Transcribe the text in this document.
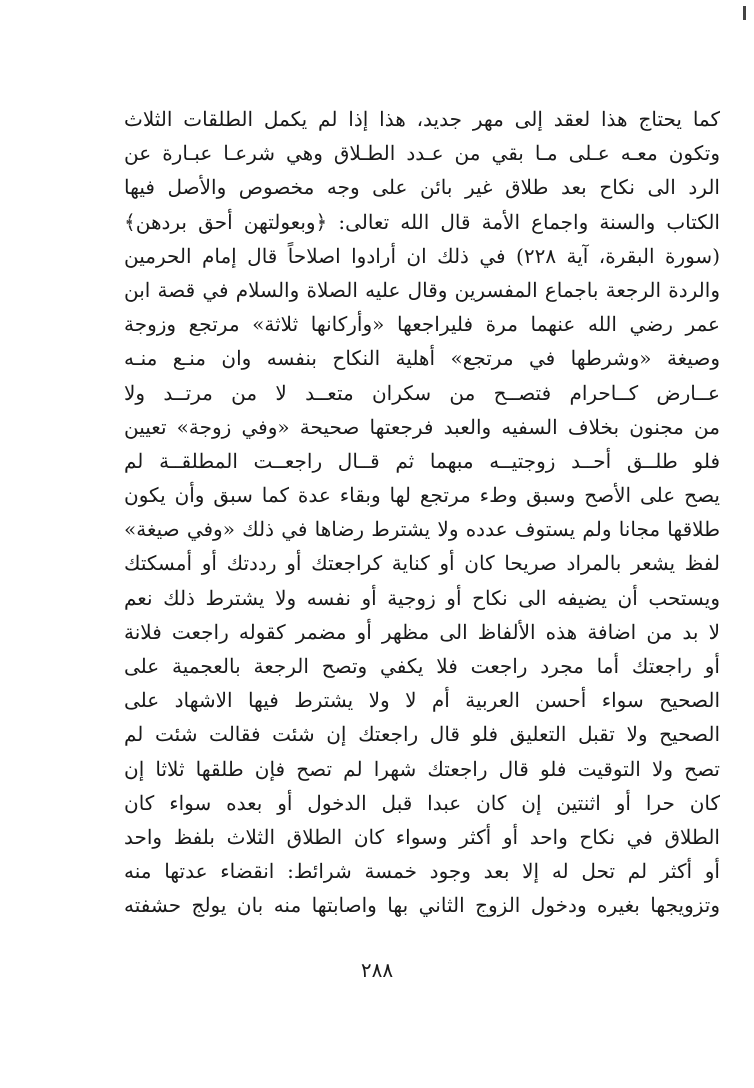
كما يحتاج هذا لعقد إلى مهر جديد، هذا إذا لم يكمل الطلقات الثلاث
وتكون معـه عـلى مـا بقي من عـدد الطـلاق وهي شرعـا عبـارة عن
الرد الى نكاح بعد طلاق غير بائن على وجه مخصوص والأصل فيها
الكتاب والسنة واجماع الأمة قال الله تعالى: ﴿وبعولتهن أحق بردهن﴾
(سورة البقرة، آية ٢٢٨) في ذلك ان أرادوا اصلاحاً قال إمام الحرمين
والردة الرجعة باجماع المفسرين وقال عليه الصلاة والسلام في قصة ابن
عمر رضي الله عنهما مرة فليراجعها «وأركانها ثلاثة» مرتجع وزوجة
وصيغة «وشرطها في مرتجع» أهلية النكاح بنفسه وان منـع منـه
عــارض كــاحرام فتصــح من سكران متعــد لا من مرتــد ولا
من مجنون بخلاف السفيه والعبد فرجعتها صحيحة «وفي زوجة» تعيين
فلو طلــق أحــد زوجتيــه مبهما ثم قــال راجعــت المطلقــة لم
يصح على الأصح وسبق وطء مرتجع لها وبقاء عدة كما سبق وأن يكون
طلاقها مجانا ولم يستوف عدده ولا يشترط رضاها في ذلك «وفي صيغة»
لفظ يشعر بالمراد صريحا كان أو كناية كراجعتك أو رددتك أو أمسكتك
ويستحب أن يضيفه الى نكاح أو زوجية أو نفسه ولا يشترط ذلك نعم
لا بد من اضافة هذه الألفاظ الى مظهر أو مضمر كقوله راجعت فلانة
أو راجعتك أما مجرد راجعت فلا يكفي وتصح الرجعة بالعجمية على
الصحيح سواء أحسن العربية أم لا ولا يشترط فيها الاشهاد على
الصحيح ولا تقبل التعليق فلو قال راجعتك إن شئت فقالت شئت لم
تصح ولا التوقيت فلو قال راجعتك شهرا لم تصح فإن طلقها ثلاثا إن
كان حرا أو اثنتين إن كان عبدا قبل الدخول أو بعده سواء كان
الطلاق في نكاح واحد أو أكثر وسواء كان الطلاق الثلاث بلفظ واحد
أو أكثر لم تحل له إلا بعد وجود خمسة شرائط: انقضاء عدتها منه
وتزويجها بغيره ودخول الزوج الثاني بها واصابتها منه بان يولج حشفته
٢٨٨
